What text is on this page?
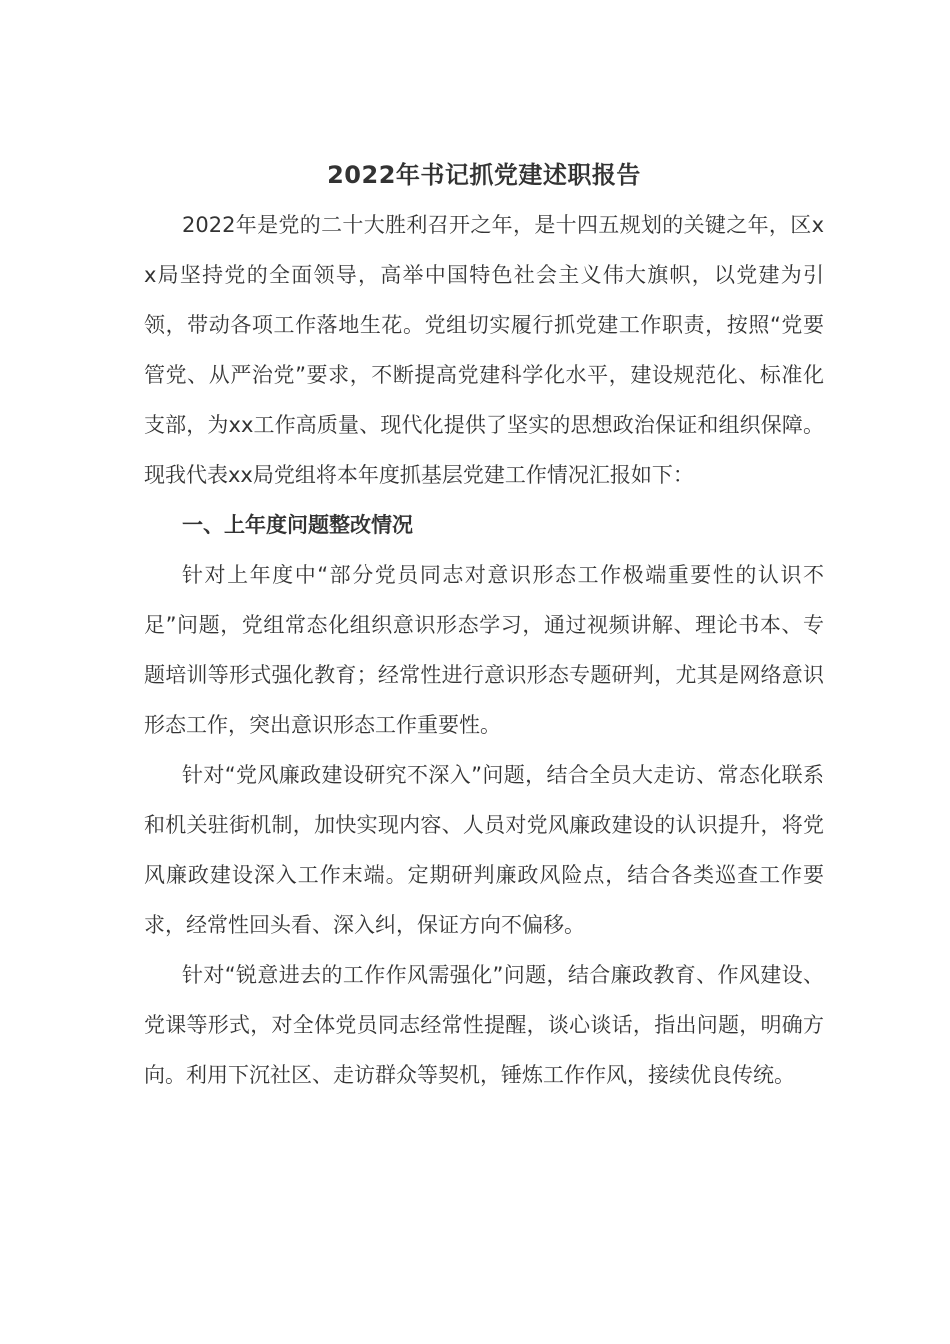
2022年书记抓党建述职报告

2022年是党的二十大胜利召开之年，是十四五规划的关键之年，区xx局坚持党的全面领导，高举中国特色社会主义伟大旗帜，以党建为引领，带动各项工作落地生花。党组切实履行抓党建工作职责，按照“党要管党、从严治党”要求，不断提高党建科学化水平，建设规范化、标准化支部，为xx工作高质量、现代化提供了坚实的思想政治保证和组织保障。现我代表xx局党组将本年度抓基层党建工作情况汇报如下：

一、上年度问题整改情况

针对上年度中“部分党员同志对意识形态工作极端重要性的认识不足”问题，党组常态化组织意识形态学习，通过视频讲解、理论书本、专题培训等形式强化教育；经常性进行意识形态专题研判，尤其是网络意识形态工作，突出意识形态工作重要性。

针对“党风廉政建设研究不深入”问题，结合全员大走访、常态化联系和机关驻街机制，加快实现内容、人员对党风廉政建设的认识提升，将党风廉政建设深入工作末端。定期研判廉政风险点，结合各类巡查工作要求，经常性回头看、深入纠，保证方向不偏移。

针对“锐意进去的工作作风需强化”问题，结合廉政教育、作风建设、党课等形式，对全体党员同志经常性提醒，谈心谈话，指出问题，明确方向。利用下沉社区、走访群众等契机，锤炼工作作风，接续优良传统。
